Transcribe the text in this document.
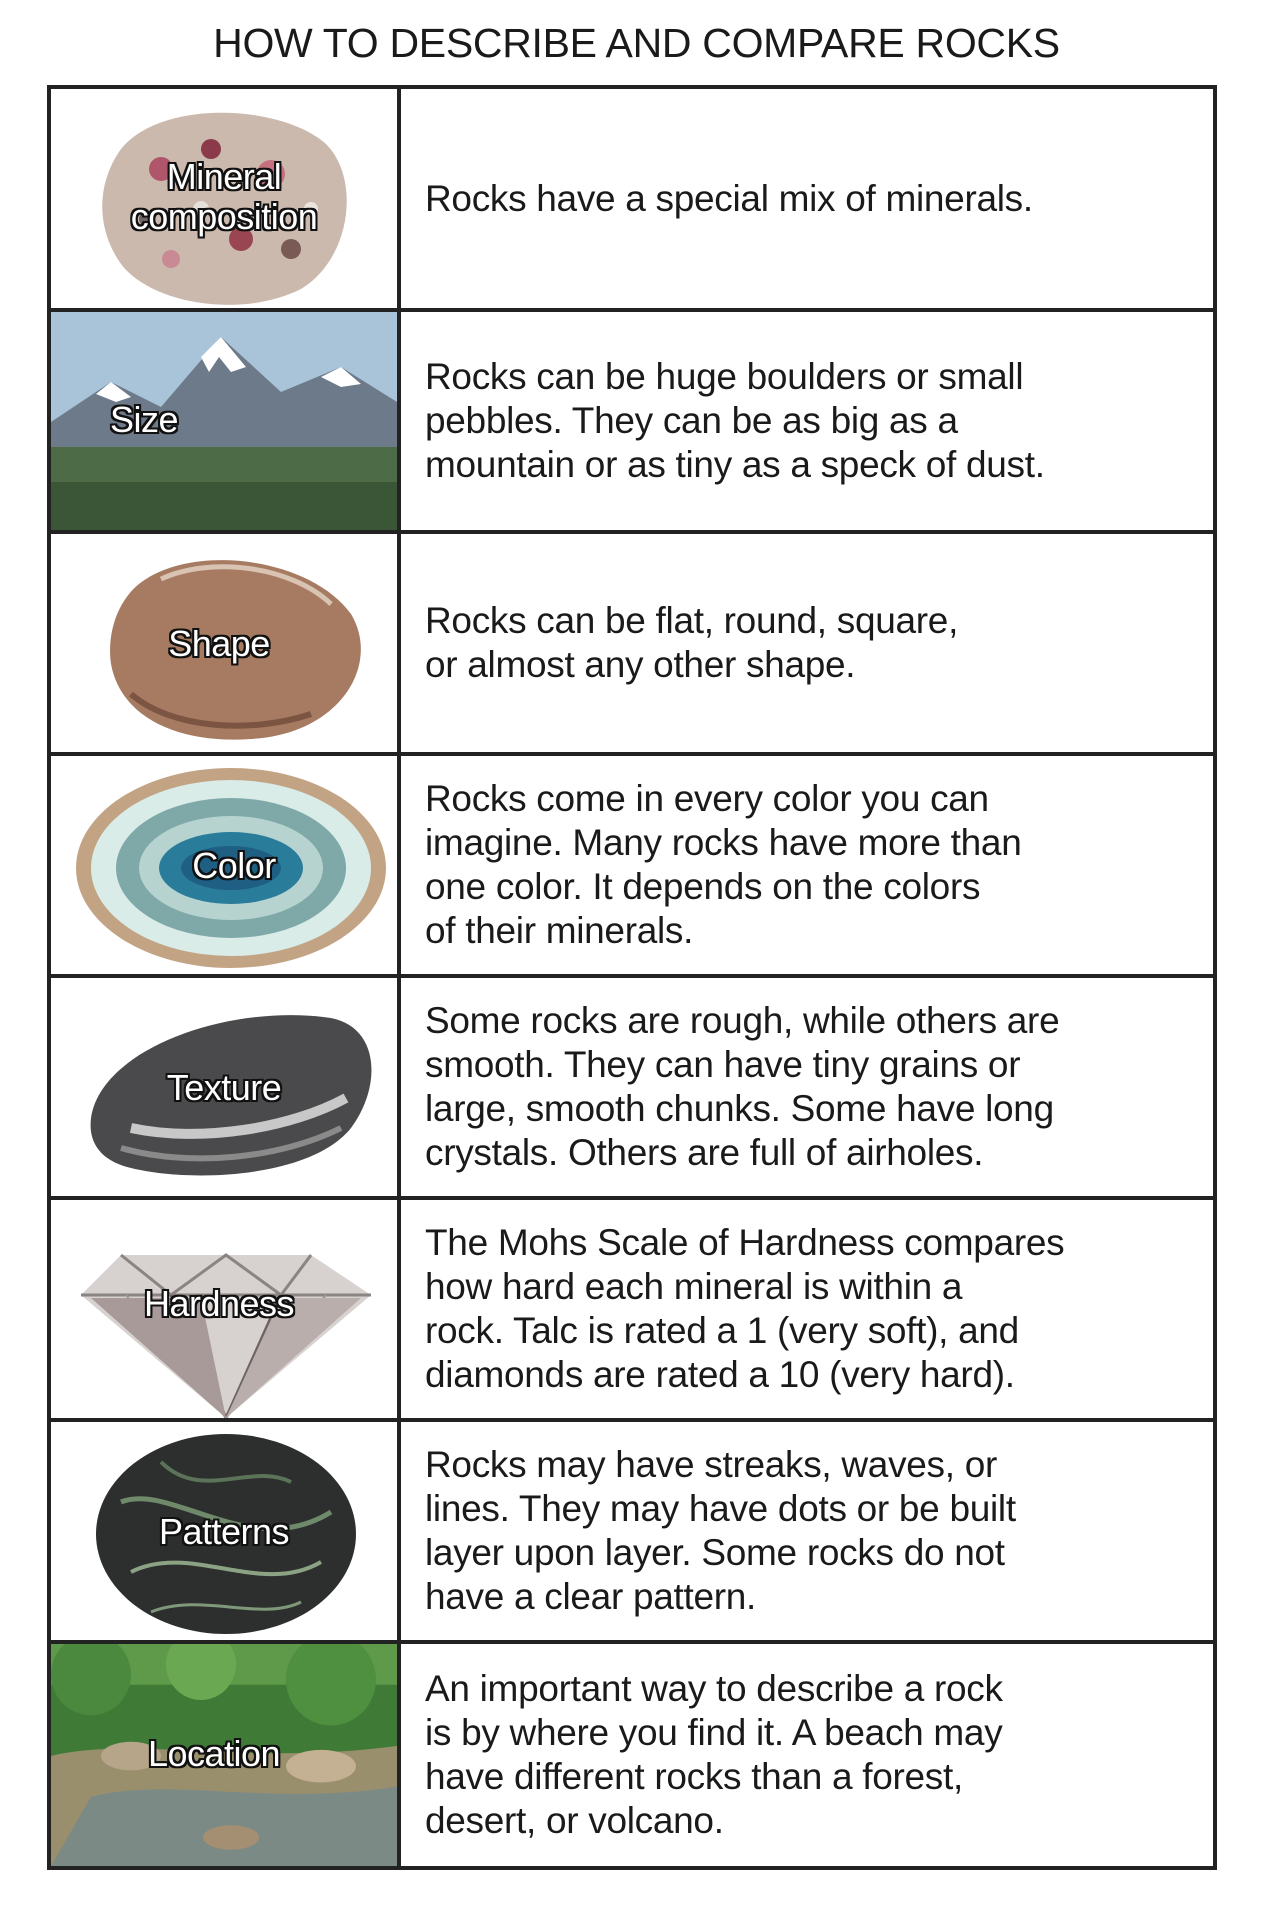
HOW TO DESCRIBE AND COMPARE ROCKS
Mineral
composition	Rocks have a special mix of minerals.
Size
Rocks can be huge boulders or small
pebbles. They can be as big as a
mountain or as tiny as a speck of dust.
Shape
Rocks can be flat, round, square,
or almost any other shape.
Color
Rocks come in every color you can
imagine. Many rocks have more than
one color. It depends on the colors
of their minerals.
Texture
Some rocks are rough, while others are
smooth. They can have tiny grains or
large, smooth chunks. Some have long
crystals. Others are full of airholes.
Hardness
The Mohs Scale of Hardness compares
how hard each mineral is within a
rock. Talc is rated a 1 (very soft), and
diamonds are rated a 10 (very hard).
Patterns
Rocks may have streaks, waves, or
lines. They may have dots or be built
layer upon layer. Some rocks do not
have a clear pattern.
Location
An important way to describe a rock
is by where you find it. A beach may
have different rocks than a forest,
desert, or volcano.
